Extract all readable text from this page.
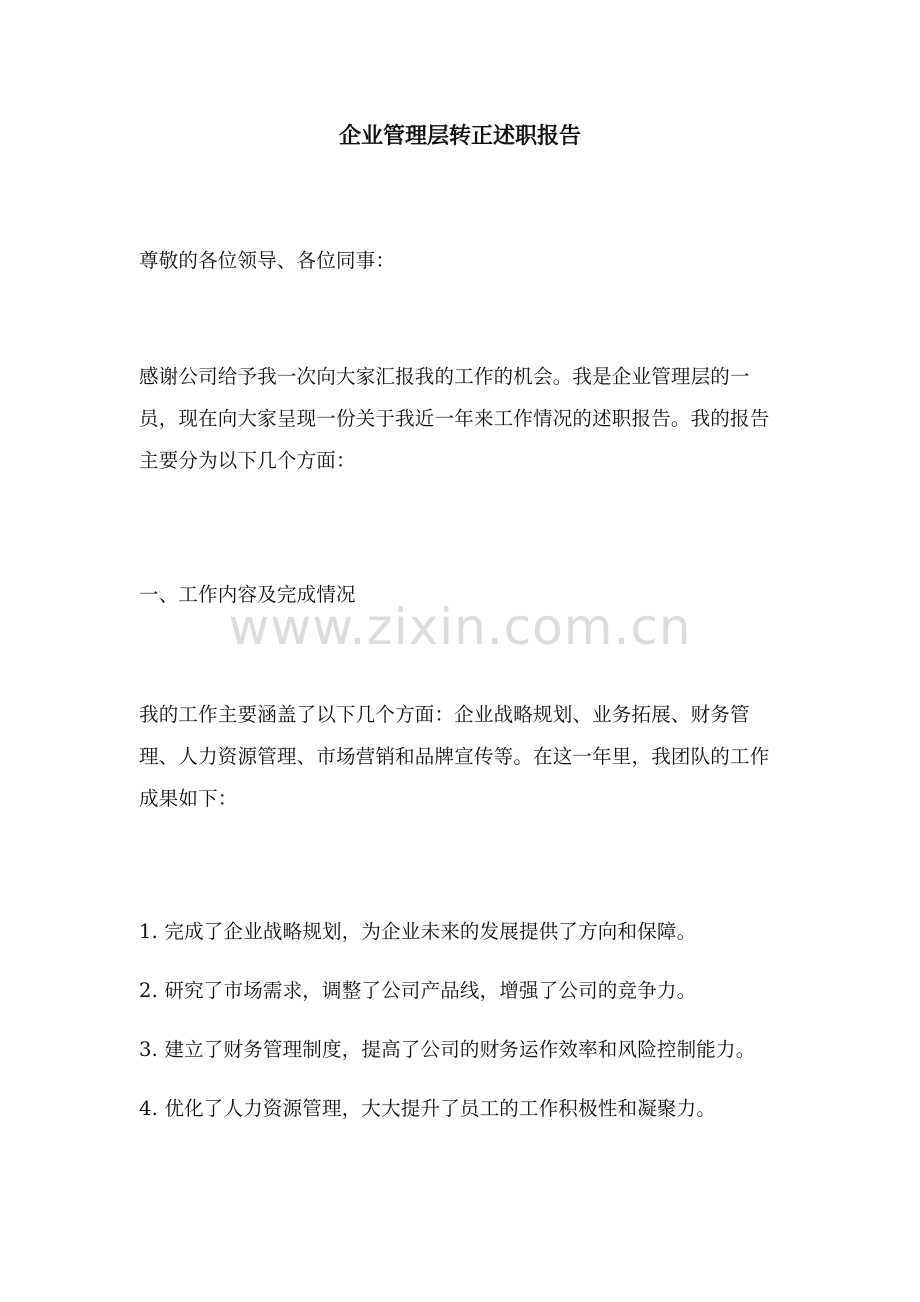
企业管理层转正述职报告

尊敬的各位领导、各位同事：

感谢公司给予我一次向大家汇报我的工作的机会。我是企业管理层的一员，现在向大家呈现一份关于我近一年来工作情况的述职报告。我的报告主要分为以下几个方面：

一、工作内容及完成情况

我的工作主要涵盖了以下几个方面：企业战略规划、业务拓展、财务管理、人力资源管理、市场营销和品牌宣传等。在这一年里，我团队的工作成果如下：

1. 完成了企业战略规划，为企业未来的发展提供了方向和保障。

2. 研究了市场需求，调整了公司产品线，增强了公司的竞争力。

3. 建立了财务管理制度，提高了公司的财务运作效率和风险控制能力。

4. 优化了人力资源管理，大大提升了员工的工作积极性和凝聚力。

www.zixin.com.cn
